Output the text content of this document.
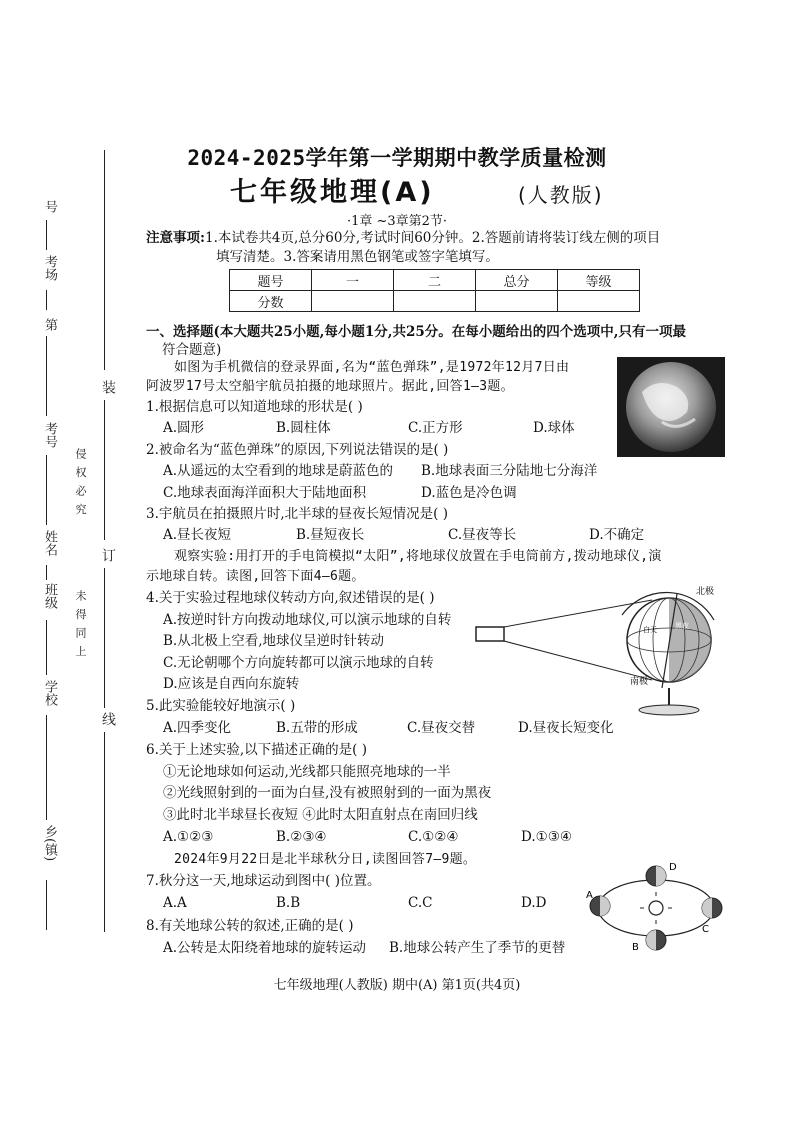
号
考场
第
考号
姓名
班级
学校
乡(镇)
侵 权 必 究
未 得 同 上
装
订
线
2024-2025学年第一学期期中教学质量检测
七年级地理(A)	(人教版)
·1章 ~3章第2节·
注意事项:1.本试卷共4页,总分60分,考试时间60分钟。2.答题前请将装订线左侧的项目
填写清楚。3.答案请用黑色钢笔或签字笔填写。
题号	一	二	总分	等级
分数				
一、选择题(本大题共25小题,每小题1分,共25分。在每小题给出的四个选项中,只有一项最
符合题意)
如图为手机微信的登录界面,名为“蓝色弹珠”,是1972年12月7日由
阿波罗17号太空船宇航员拍摄的地球照片。据此,回答1—3题。
1.根据信息可以知道地球的形状是( )
A.圆形	B.圆柱体	C.正方形	D.球体
2.被命名为“蓝色弹珠”的原因,下列说法错误的是( )
A.从遥远的太空看到的地球是蔚蓝色的 B.地球表面三分陆地七分海洋
C.地球表面海洋面积大于陆地面积	D.蓝色是冷色调
3.宇航员在拍摄照片时,北半球的昼夜长短情况是( )
A.昼长夜短	B.昼短夜长	C.昼夜等长	D.不确定
观察实验:用打开的手电筒模拟“太阳”,将地球仪放置在手电筒前方,拨动地球仪,演
示地球自转。读图,回答下面4—6题。
4.关于实验过程地球仪转动方向,叙述错误的是( )
A.按逆时针方向拨动地球仪,可以演示地球的自转
B.从北极上空看,地球仪呈逆时针转动
C.无论朝哪个方向旋转都可以演示地球的自转
D.应该是自西向东旋转
北极
南极
白天	黑夜
5.此实验能较好地演示( )
A.四季变化	B.五带的形成	C.昼夜交替	D.昼夜长短变化
6.关于上述实验,以下描述正确的是( )
①无论地球如何运动,光线都只能照亮地球的一半
②光线照射到的一面为白昼,没有被照射到的一面为黑夜
③此时北半球昼长夜短 ④此时太阳直射点在南回归线
A.①②③	B.②③④	C.①②④	D.①③④
2024年9月22日是北半球秋分日,读图回答7—9题。
7.秋分这一天,地球运动到图中( )位置。
A.A	B.B	C.C	D.D
8.有关地球公转的叙述,正确的是( )
A.公转是太阳绕着地球的旋转运动 B.地球公转产生了季节的更替
A
B
C
D
七年级地理(人教版) 期中(A) 第1页(共4页)
